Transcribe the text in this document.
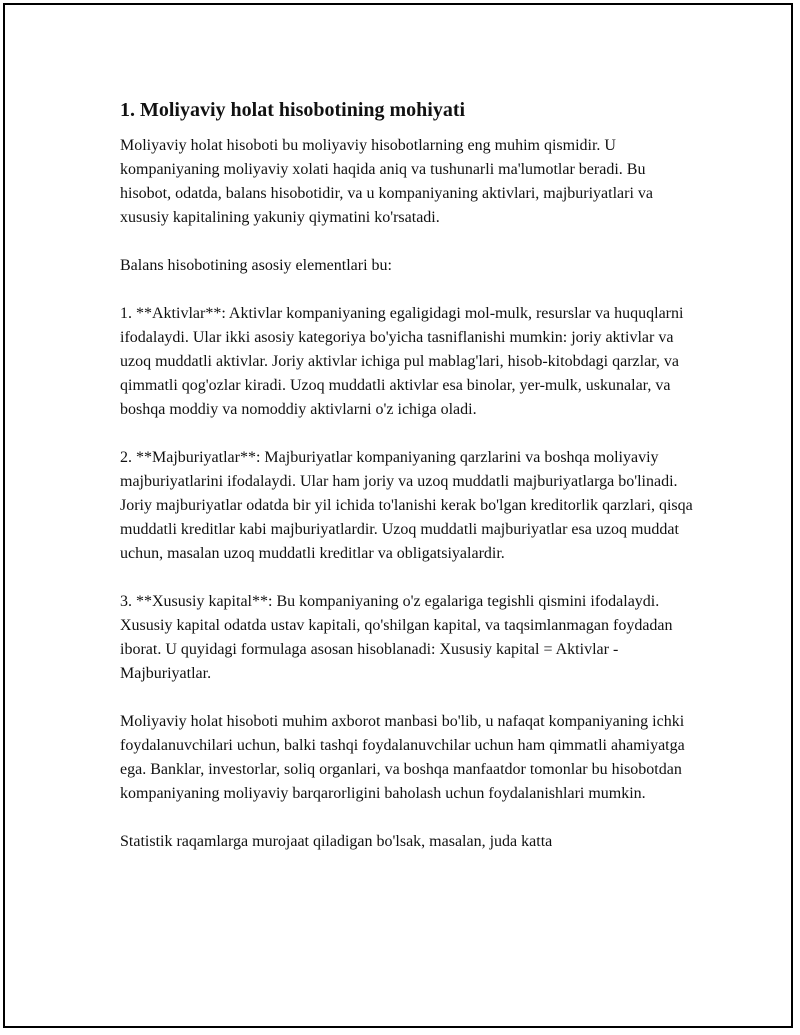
1. Moliyaviy holat hisobotining mohiyati

Moliyaviy holat hisoboti bu moliyaviy hisobotlarning eng muhim qismidir. U kompaniyaning moliyaviy xolati haqida aniq va tushunarli ma'lumotlar beradi. Bu hisobot, odatda, balans hisobotidir, va u kompaniyaning aktivlari, majburiyatlari va xususiy kapitalining yakuniy qiymatini ko'rsatadi.

Balans hisobotining asosiy elementlari bu:

1. **Aktivlar**: Aktivlar kompaniyaning egaligidagi mol-mulk, resurslar va huquqlarni ifodalaydi. Ular ikki asosiy kategoriya bo'yicha tasniflanishi mumkin: joriy aktivlar va uzoq muddatli aktivlar. Joriy aktivlar ichiga pul mablag'lari, hisob-kitobdagi qarzlar, va qimmatli qog'ozlar kiradi. Uzoq muddatli aktivlar esa binolar, yer-mulk, uskunalar, va boshqa moddiy va nomoddiy aktivlarni o'z ichiga oladi.

2. **Majburiyatlar**: Majburiyatlar kompaniyaning qarzlarini va boshqa moliyaviy majburiyatlarini ifodalaydi. Ular ham joriy va uzoq muddatli majburiyatlarga bo'linadi. Joriy majburiyatlar odatda bir yil ichida to'lanishi kerak bo'lgan kreditorlik qarzlari, qisqa muddatli kreditlar kabi majburiyatlardir. Uzoq muddatli majburiyatlar esa uzoq muddat uchun, masalan uzoq muddatli kreditlar va obligatsiyalardir.

3. **Xususiy kapital**: Bu kompaniyaning o'z egalariga tegishli qismini ifodalaydi. Xususiy kapital odatda ustav kapitali, qo'shilgan kapital, va taqsimlanmagan foydadan iborat. U quyidagi formulaga asosan hisoblanadi: Xususiy kapital = Aktivlar - Majburiyatlar.

Moliyaviy holat hisoboti muhim axborot manbasi bo'lib, u nafaqat kompaniyaning ichki foydalanuvchilari uchun, balki tashqi foydalanuvchilar uchun ham qimmatli ahamiyatga ega. Banklar, investorlar, soliq organlari, va boshqa manfaatdor tomonlar bu hisobotdan kompaniyaning moliyaviy barqarorligini baholash uchun foydalanishlari mumkin.

Statistik raqamlarga murojaat qiladigan bo'lsak, masalan, juda katta
